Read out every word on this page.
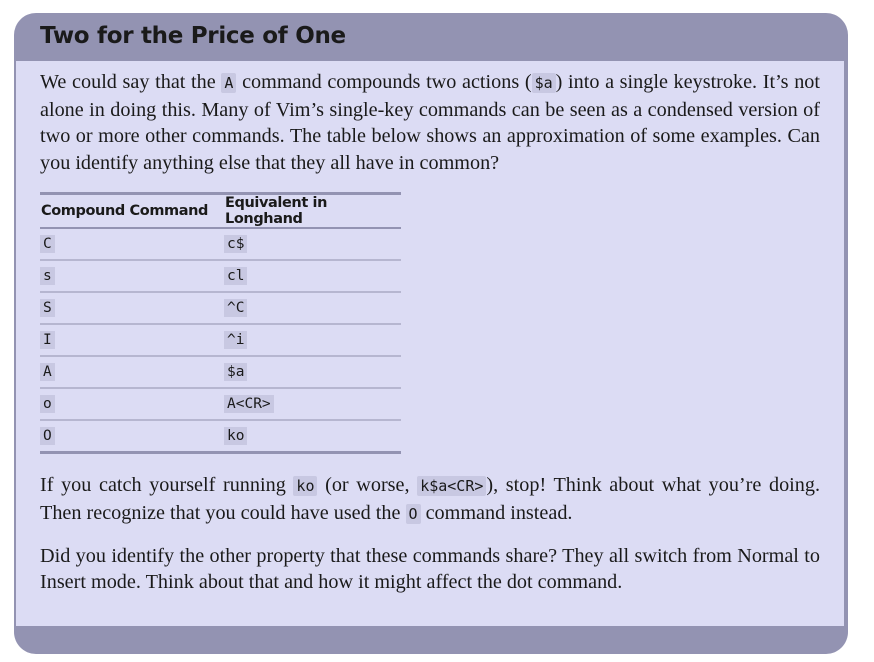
Two for the Price of One

We could say that the A command compounds two actions ( $a ) into a single keystroke. It’s not alone in doing this. Many of Vim’s single-key commands can be seen as a condensed version of two or more other commands. The table below shows an approximation of some examples. Can you identify anything else that they all have in common?

Compound Command	Equivalent in Longhand
C	c$
s	cl
S	^C
I	^i
A	$a
o	A<CR>
O	ko

If you catch yourself running ko (or worse, k$a<CR> ), stop! Think about what you’re doing. Then recognize that you could have used the O command instead.

Did you identify the other property that these commands share? They all switch from Normal to Insert mode. Think about that and how it might affect the dot command.
